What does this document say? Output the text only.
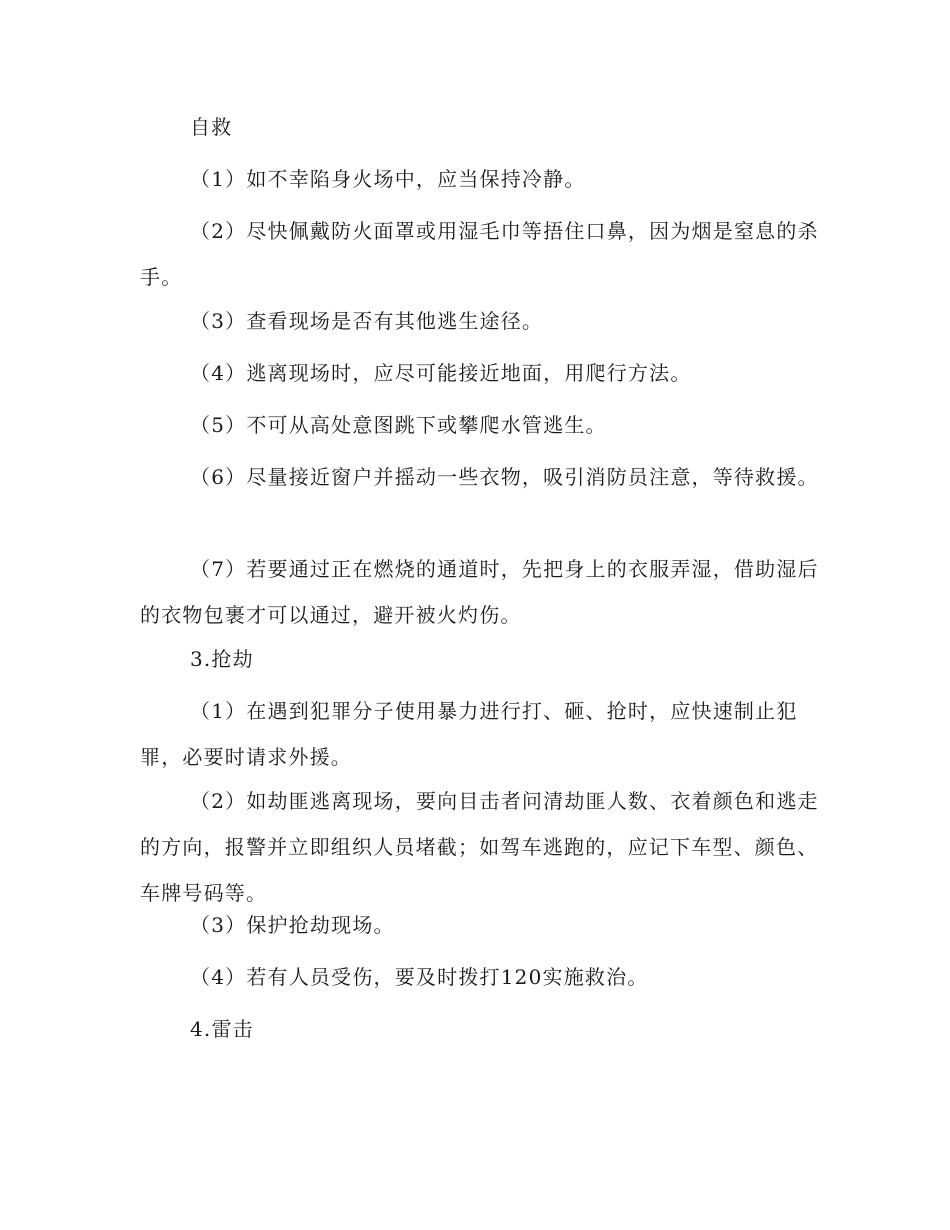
自救

（1）如不幸陷身火场中，应当保持冷静。

（2）尽快佩戴防火面罩或用湿毛巾等捂住口鼻，因为烟是窒息的杀手。

（3）查看现场是否有其他逃生途径。

（4）逃离现场时，应尽可能接近地面，用爬行方法。

（5）不可从高处意图跳下或攀爬水管逃生。

（6）尽量接近窗户并摇动一些衣物，吸引消防员注意，等待救援。

（7）若要通过正在燃烧的通道时，先把身上的衣服弄湿，借助湿后的衣物包裹才可以通过，避开被火灼伤。

3.抢劫

（1）在遇到犯罪分子使用暴力进行打、砸、抢时，应快速制止犯罪，必要时请求外援。

（2）如劫匪逃离现场，要向目击者问清劫匪人数、衣着颜色和逃走的方向，报警并立即组织人员堵截；如驾车逃跑的，应记下车型、颜色、车牌号码等。

（3）保护抢劫现场。

（4）若有人员受伤，要及时拨打120实施救治。

4.雷击
